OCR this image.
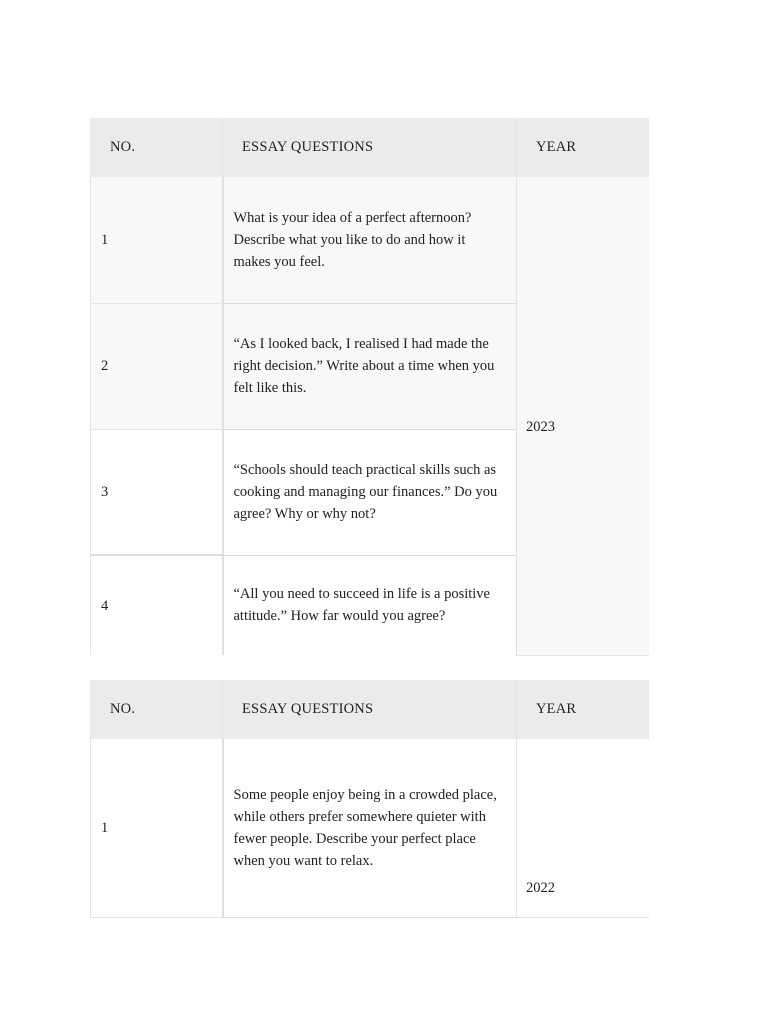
NO.	ESSAY QUESTIONS	YEAR
1	What is your idea of a perfect afternoon? Describe what you like to do and how it makes you feel.	2023
2	“As I looked back, I realised I had made the right decision.” Write about a time when you felt like this.	
3	“Schools should teach practical skills such as cooking and managing our finances.” Do you agree? Why or why not?	
4	“All you need to succeed in life is a positive attitude.” How far would you agree?	
NO.	ESSAY QUESTIONS	YEAR
1	Some people enjoy being in a crowded place, while others prefer somewhere quieter with fewer people. Describe your perfect place when you want to relax.	2022
